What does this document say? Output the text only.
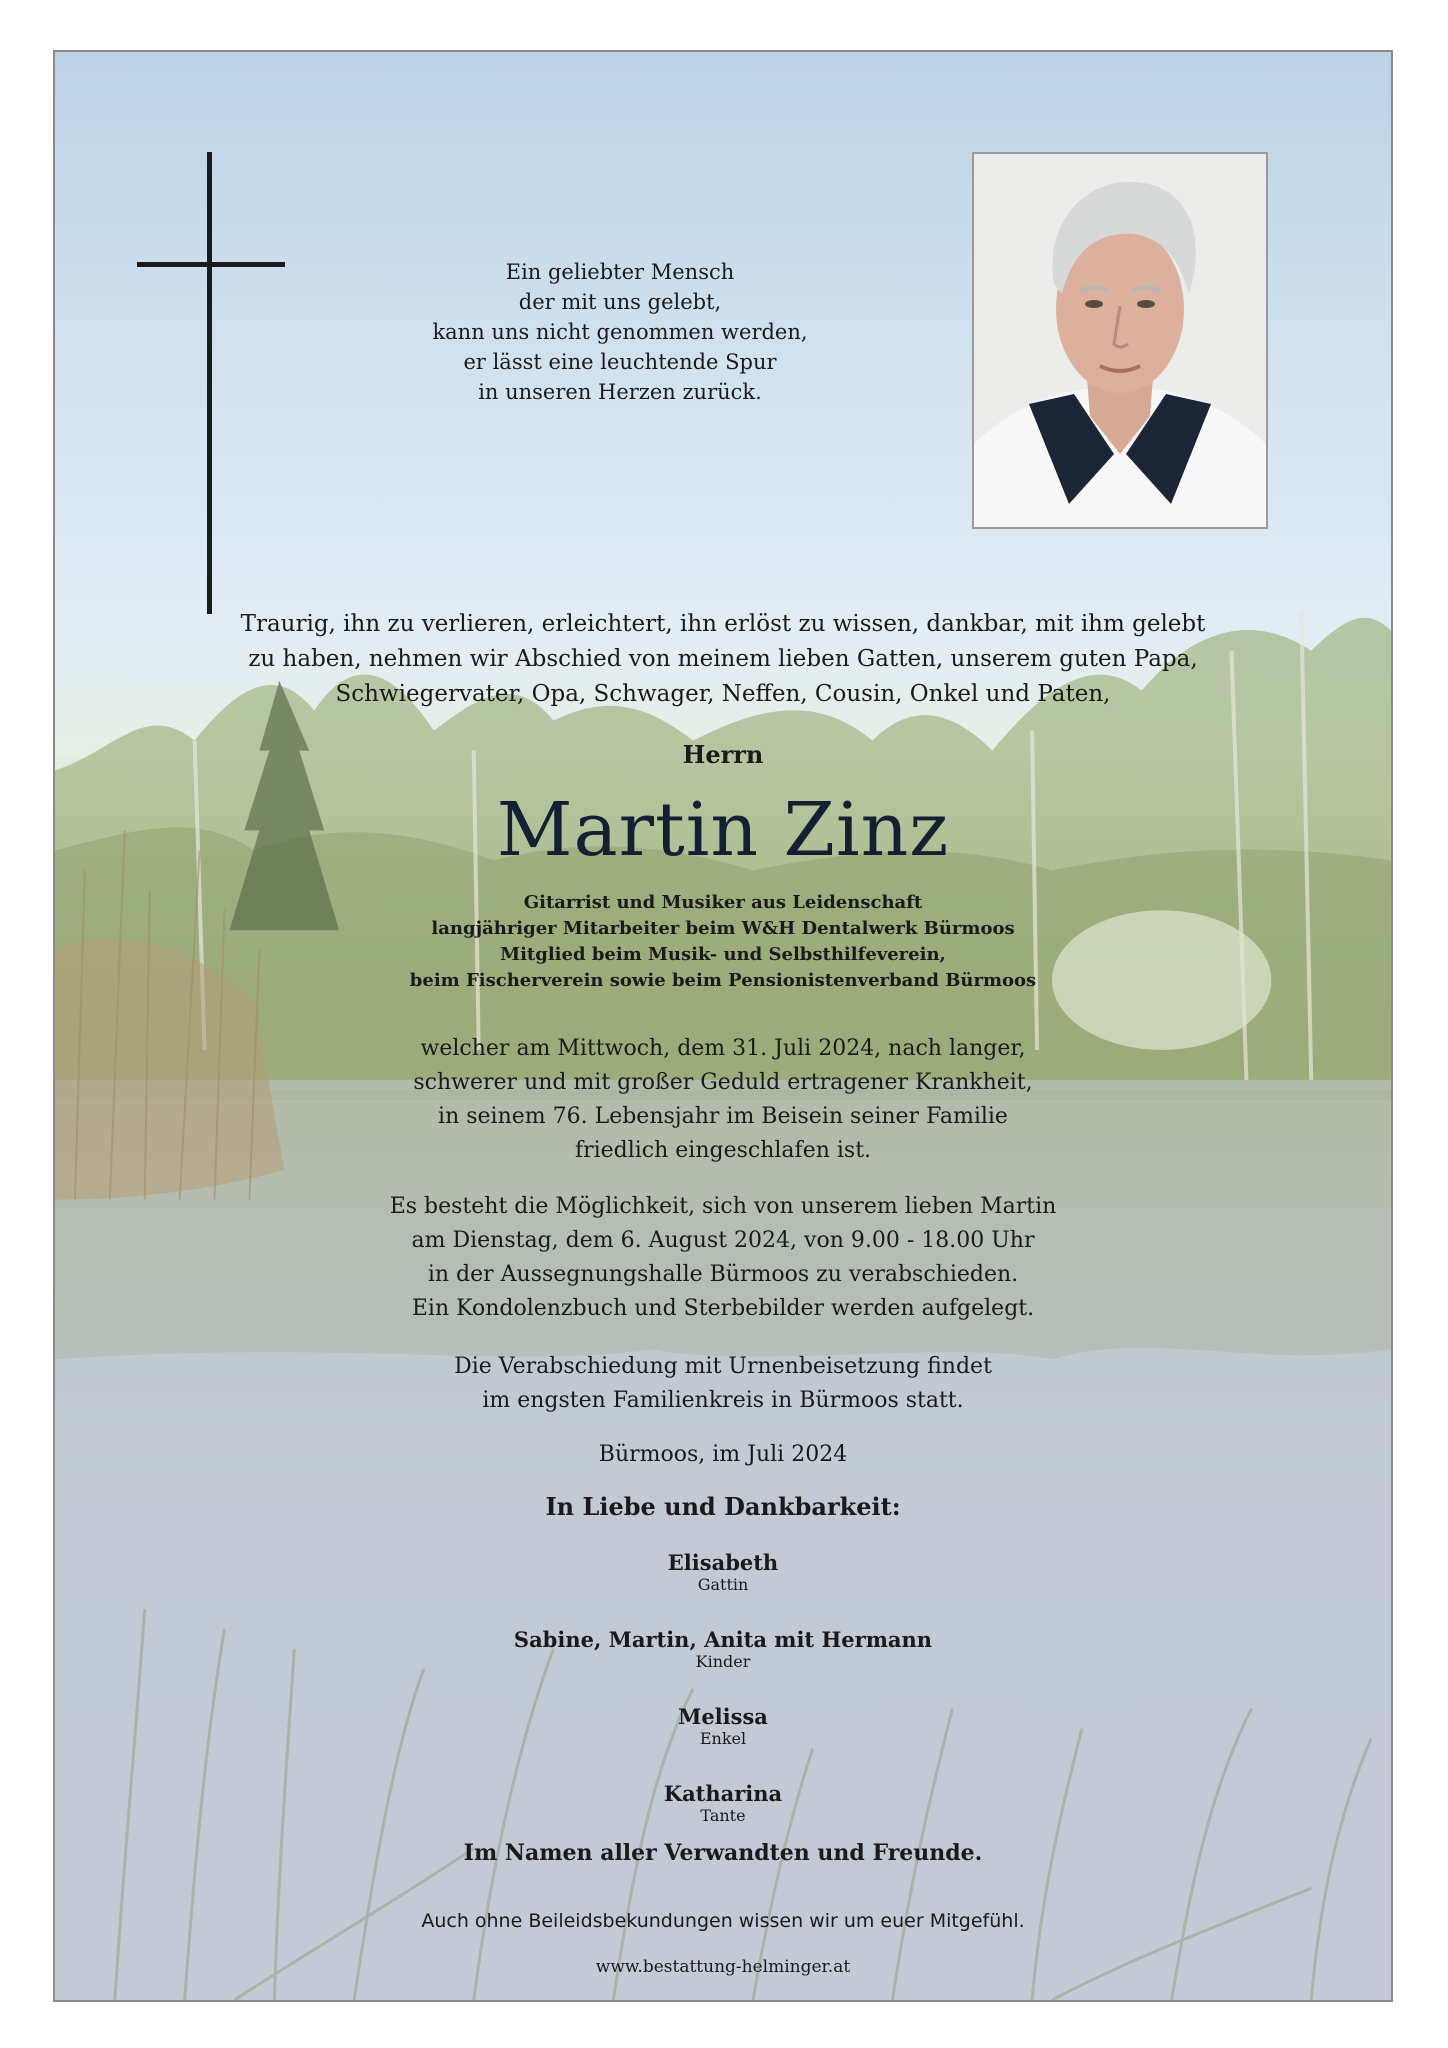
Ein geliebter Mensch
der mit uns gelebt,
kann uns nicht genommen werden,
er lässt eine leuchtende Spur
in unseren Herzen zurück.
Traurig, ihn zu verlieren, erleichtert, ihn erlöst zu wissen, dankbar, mit ihm gelebt
zu haben, nehmen wir Abschied von meinem lieben Gatten, unserem guten Papa,
Schwiegervater, Opa, Schwager, Neffen, Cousin, Onkel und Paten,
Herrn
Martin Zinz
Gitarrist und Musiker aus Leidenschaft
langjähriger Mitarbeiter beim W&H Dentalwerk Bürmoos
Mitglied beim Musik- und Selbsthilfeverein,
beim Fischerverein sowie beim Pensionistenverband Bürmoos
welcher am Mittwoch, dem 31. Juli 2024, nach langer,
schwerer und mit großer Geduld ertragener Krankheit,
in seinem 76. Lebensjahr im Beisein seiner Familie
friedlich eingeschlafen ist.
Es besteht die Möglichkeit, sich von unserem lieben Martin
am Dienstag, dem 6. August 2024, von 9.00 - 18.00 Uhr
in der Aussegnungshalle Bürmoos zu verabschieden.
Ein Kondolenzbuch und Sterbebilder werden aufgelegt.
Die Verabschiedung mit Urnenbeisetzung findet
im engsten Familienkreis in Bürmoos statt.
Bürmoos, im Juli 2024
In Liebe und Dankbarkeit:
Elisabeth
Gattin
Sabine, Martin, Anita mit Hermann
Kinder
Melissa
Enkel
Katharina
Tante
Im Namen aller Verwandten und Freunde.
Auch ohne Beileidsbekundungen wissen wir um euer Mitgefühl.
www.bestattung-helminger.at
